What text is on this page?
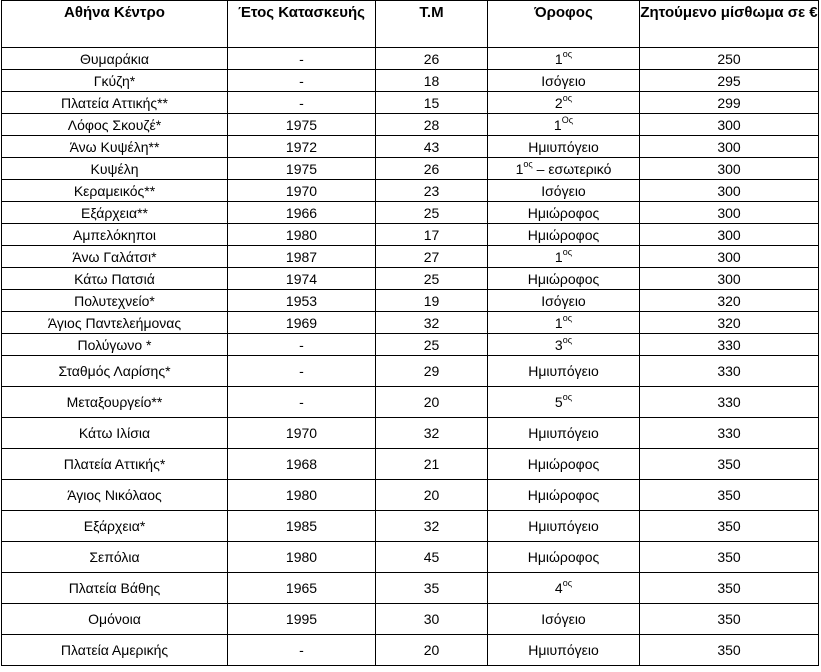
Αθήνα Κέντρο	Έτος Κατασκευής	Τ.Μ	Όροφος	Ζητούμενο μίσθωμα σε €
Θυμαράκια	-	26	$1^{o\varsigma}$	250
Γκύζη*	-	18	Ισόγειο	295
Πλατεία Αττικής**	-	15	$2^{o\varsigma}$	299
Λόφος Σκουζέ*	1975	28	$1^{O\varsigma}$	300
Άνω Κυψέλη**	1972	43	Ημιυπόγειο	300
Κυψέλη	1975	26	$1^{o\varsigma}$ – εσωτερικό	300
Κεραμεικός**	1970	23	Ισόγειο	300
Εξάρχεια**	1966	25	Ημιώροφος	300
Αμπελόκηποι	1980	17	Ημιώροφος	300
Άνω Γαλάτσι*	1987	27	$1^{o\varsigma}$	300
Κάτω Πατσιά	1974	25	Ημιώροφος	300
Πολυτεχνείο*	1953	19	Ισόγειο	320
Άγιος Παντελεήμονας	1969	32	$1^{o\varsigma}$	320
Πολύγωνο *	-	25	$3^{o\varsigma}$	330
Σταθμός Λαρίσης*	-	29	Ημιυπόγειο	330
Μεταξουργείο**	-	20	$5^{o\varsigma}$	330
Κάτω Ιλίσια	1970	32	Ημιυπόγειο	330
Πλατεία Αττικής*	1968	21	Ημιώροφος	350
Άγιος Νικόλαος	1980	20	Ημιώροφος	350
Εξάρχεια*	1985	32	Ημιυπόγειο	350
Σεπόλια	1980	45	Ημιώροφος	350
Πλατεία Βάθης	1965	35	$4^{o\varsigma}$	350
Ομόνοια	1995	30	Ισόγειο	350
Πλατεία Αμερικής	-	20	Ημιυπόγειο	350
